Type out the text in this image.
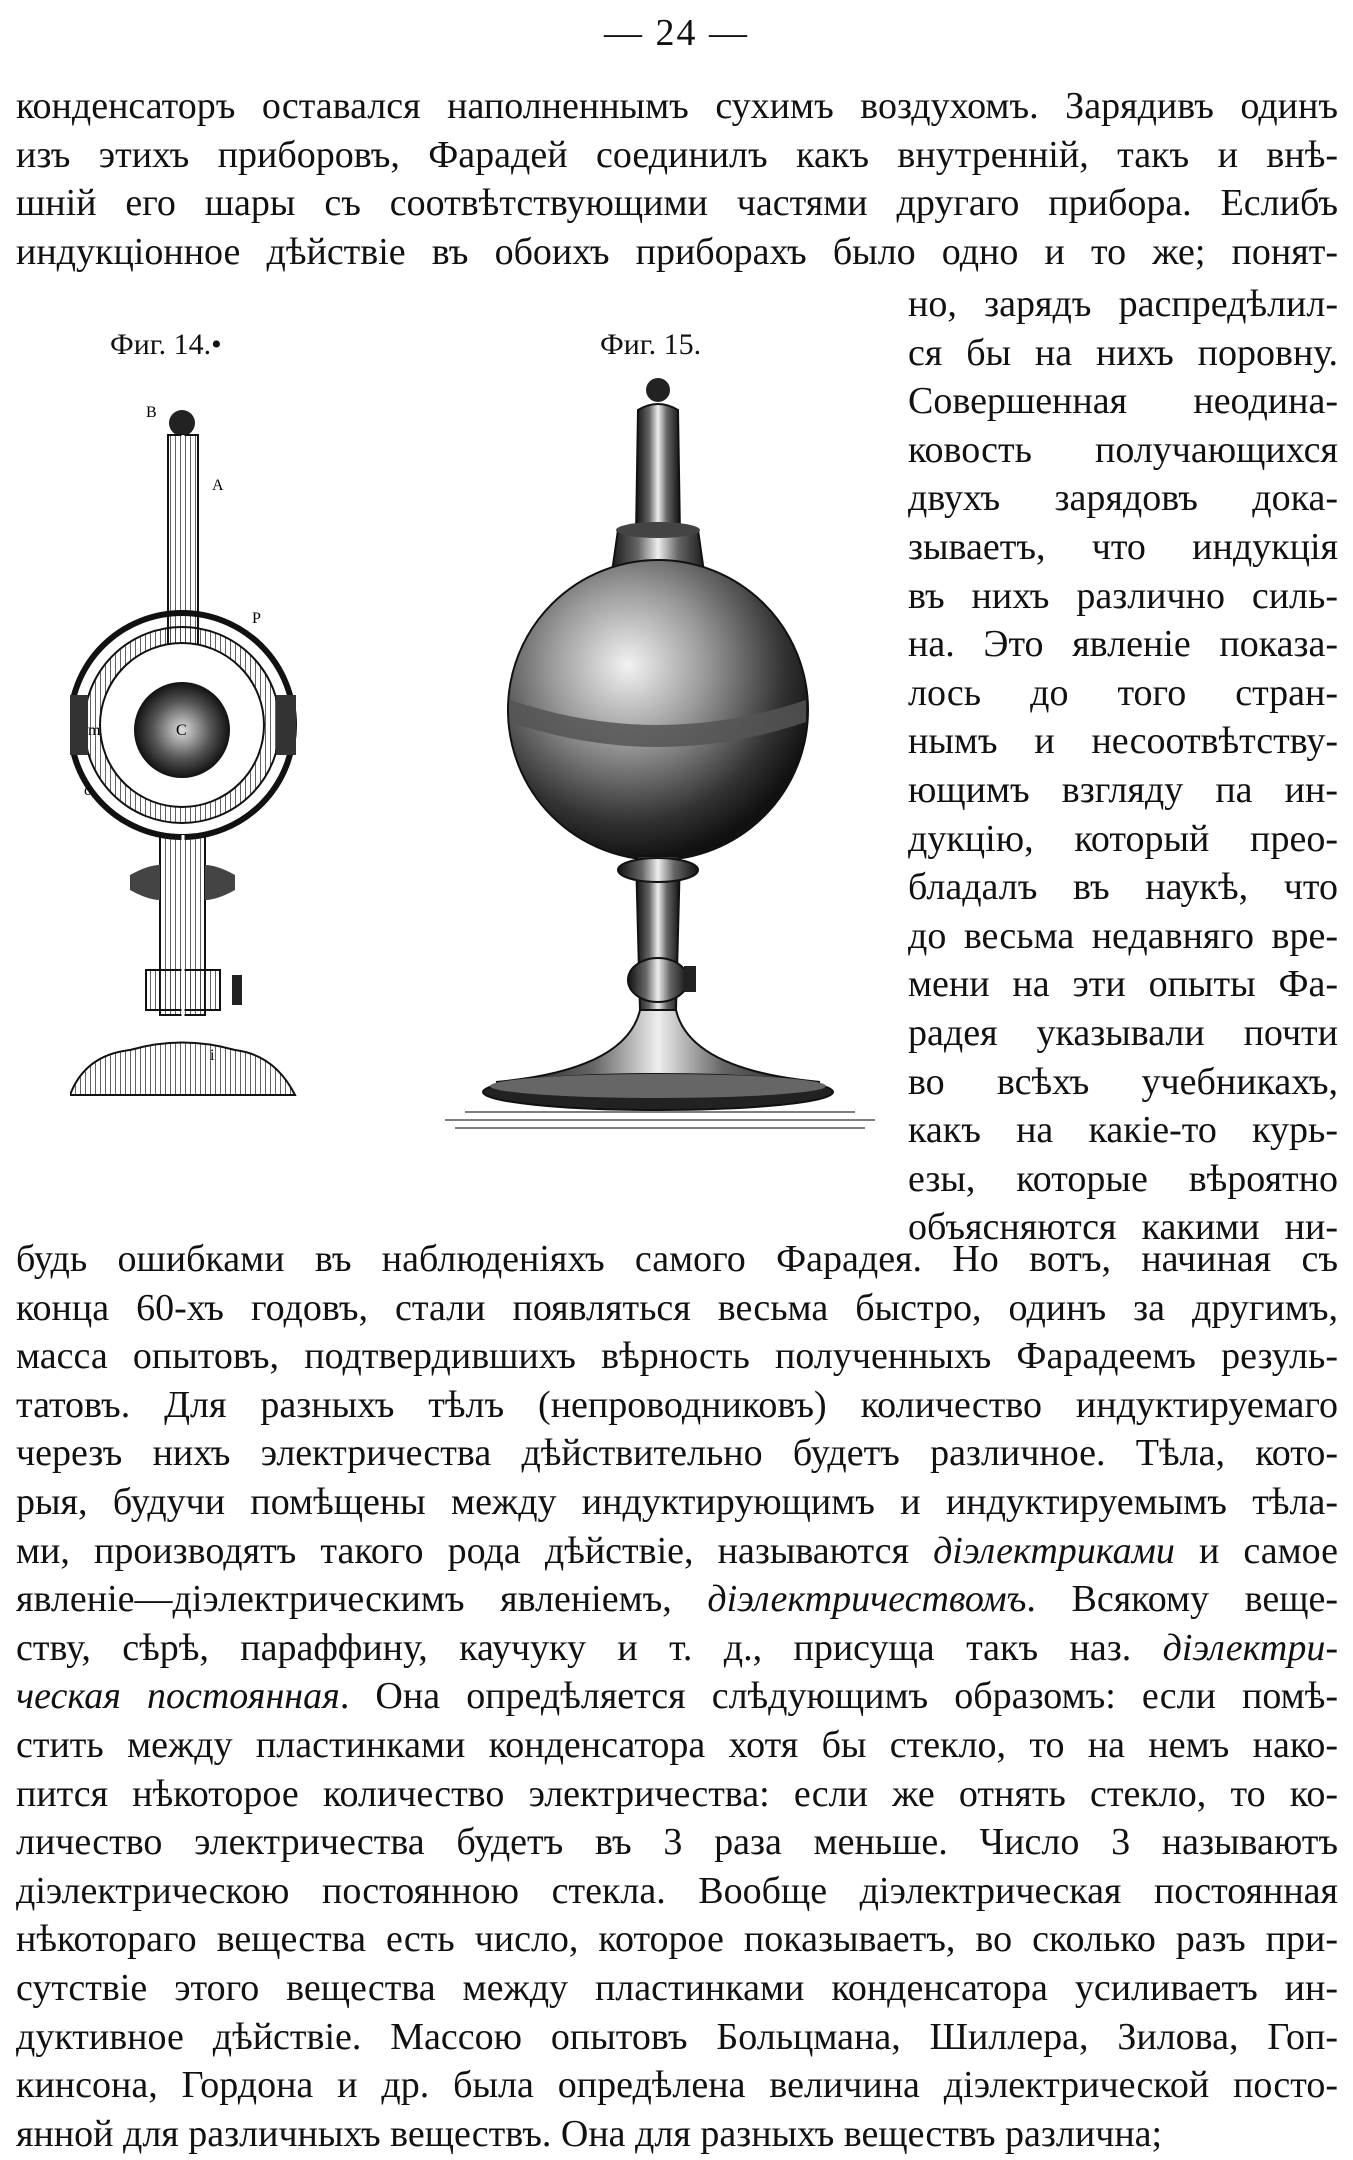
— 24 —
конденсаторъ оставался наполненнымъ сухимъ воздухомъ. Зарядивъ одинъ
изъ этихъ приборовъ, Фарадей соединилъ какъ внутренній, такъ и внѣ-
шній его шары съ соотвѣтствующими частями другаго прибора. Еслибъ
индукціонное дѣйствіе въ обоихъ приборахъ было одно и то же; понят-
но, зарядъ распредѣлил-
ся бы на нихъ поровну.
Совершенная неодина-
ковость получающихся
двухъ зарядовъ дока-
зываетъ, что индукція
въ нихъ различно силь-
на. Это явленіе показа-
лось до того стран-
нымъ и несоотвѣтству-
ющимъ взгляду па ин-
дукцію, который прео-
бладалъ въ наукѣ, что
до весьма недавняго вре-
мени на эти опыты Фа-
радея указывали почти
во всѣхъ учебникахъ,
какъ на какіе-то курь-
езы, которые вѣроятно
объясняются какими ни-
Фиг. 14.•	Фиг. 15.
B
A
P
C
m
o
i
будь ошибками въ наблюденіяхъ самого Фарадея. Но вотъ, начиная съ
конца 60-хъ годовъ, стали появляться весьма быстро, одинъ за другимъ,
масса опытовъ, подтвердившихъ вѣрность полученныхъ Фарадеемъ резуль-
татовъ. Для разныхъ тѣлъ (непроводниковъ) количество индуктируемаго
черезъ нихъ электричества дѣйствительно будетъ различное. Тѣла, кото-
рыя, будучи помѣщены между индуктирующимъ и индуктируемымъ тѣла-
ми, производятъ такого рода дѣйствіе, называются діэлектриками и самое
явленіе—діэлектрическимъ явленіемъ, діэлектричествомъ. Всякому веще-
ству, сѣрѣ, параффину, каучуку и т. д., присуща такъ наз. діэлектри-
ческая постоянная. Она опредѣляется слѣдующимъ образомъ: если помѣ-
стить между пластинками конденсатора хотя бы стекло, то на немъ нако-
пится нѣкоторое количество электричества: если же отнять стекло, то ко-
личество электричества будетъ въ 3 раза меньше. Число 3 называютъ
діэлектрическою постоянною стекла. Вообще діэлектрическая постоянная
нѣкотораго вещества есть число, которое показываетъ, во сколько разъ при-
сутствіе этого вещества между пластинками конденсатора усиливаетъ ин-
дуктивное дѣйствіе. Массою опытовъ Больцмана, Шиллера, Зилова, Гоп-
кинсона, Гордона и др. была опредѣлена величина діэлектрической посто-
янной для различныхъ веществъ. Она для разныхъ веществъ различна;
